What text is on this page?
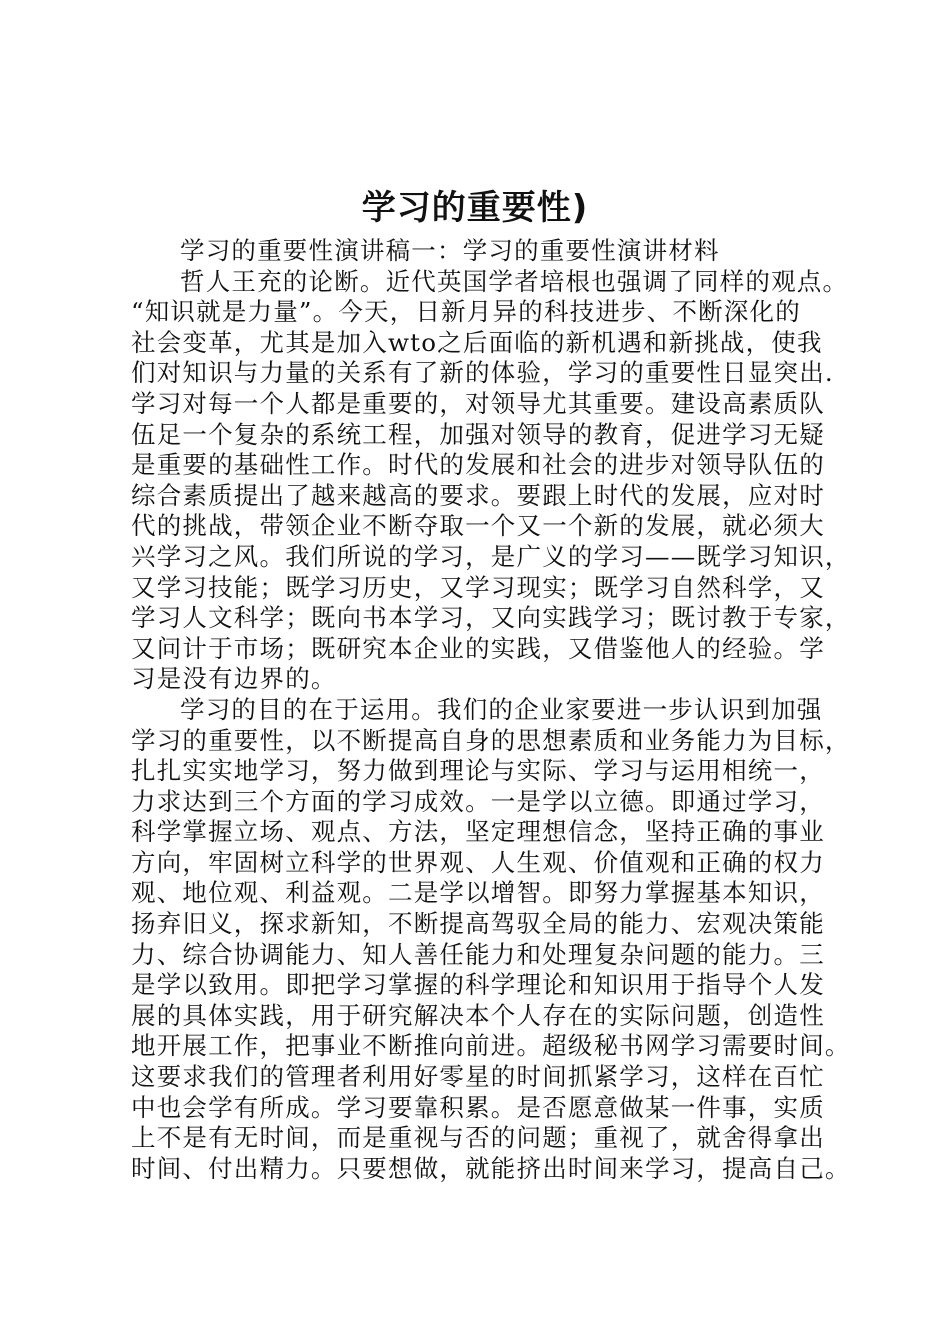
学习的重要性)
学习的重要性演讲稿一：学习的重要性演讲材料
哲人王充的论断。近代英国学者培根也强调了同样的观点。
“知识就是力量”。今天，日新月异的科技进步、不断深化的
社会变革，尤其是加入wto之后面临的新机遇和新挑战，使我
们对知识与力量的关系有了新的体验，学习的重要性日显突出.
学习对每一个人都是重要的，对领导尤其重要。建设高素质队
伍足一个复杂的系统工程，加强对领导的教育，促进学习无疑
是重要的基础性工作。时代的发展和社会的进步对领导队伍的
综合素质提出了越来越高的要求。要跟上时代的发展，应对时
代的挑战，带领企业不断夺取一个又一个新的发展，就必须大
兴学习之风。我们所说的学习，是广义的学习——既学习知识，
又学习技能；既学习历史，又学习现实；既学习自然科学，又
学习人文科学；既向书本学习，又向实践学习；既讨教于专家，
又问计于市场；既研究本企业的实践，又借鉴他人的经验。学
习是没有边界的。
学习的目的在于运用。我们的企业家要进一步认识到加强
学习的重要性，以不断提高自身的思想素质和业务能力为目标，
扎扎实实地学习，努力做到理论与实际、学习与运用相统一，
力求达到三个方面的学习成效。一是学以立德。即通过学习，
科学掌握立场、观点、方法，坚定理想信念，坚持正确的事业
方向，牢固树立科学的世界观、人生观、价值观和正确的权力
观、地位观、利益观。二是学以增智。即努力掌握基本知识，
扬弃旧义，探求新知，不断提高驾驭全局的能力、宏观决策能
力、综合协调能力、知人善任能力和处理复杂问题的能力。三
是学以致用。即把学习掌握的科学理论和知识用于指导个人发
展的具体实践，用于研究解决本个人存在的实际问题，创造性
地开展工作，把事业不断推向前进。超级秘书网学习需要时间。
这要求我们的管理者利用好零星的时间抓紧学习，这样在百忙
中也会学有所成。学习要靠积累。是否愿意做某一件事，实质
上不是有无时间，而是重视与否的问题；重视了，就舍得拿出
时间、付出精力。只要想做，就能挤出时间来学习，提高自己。
